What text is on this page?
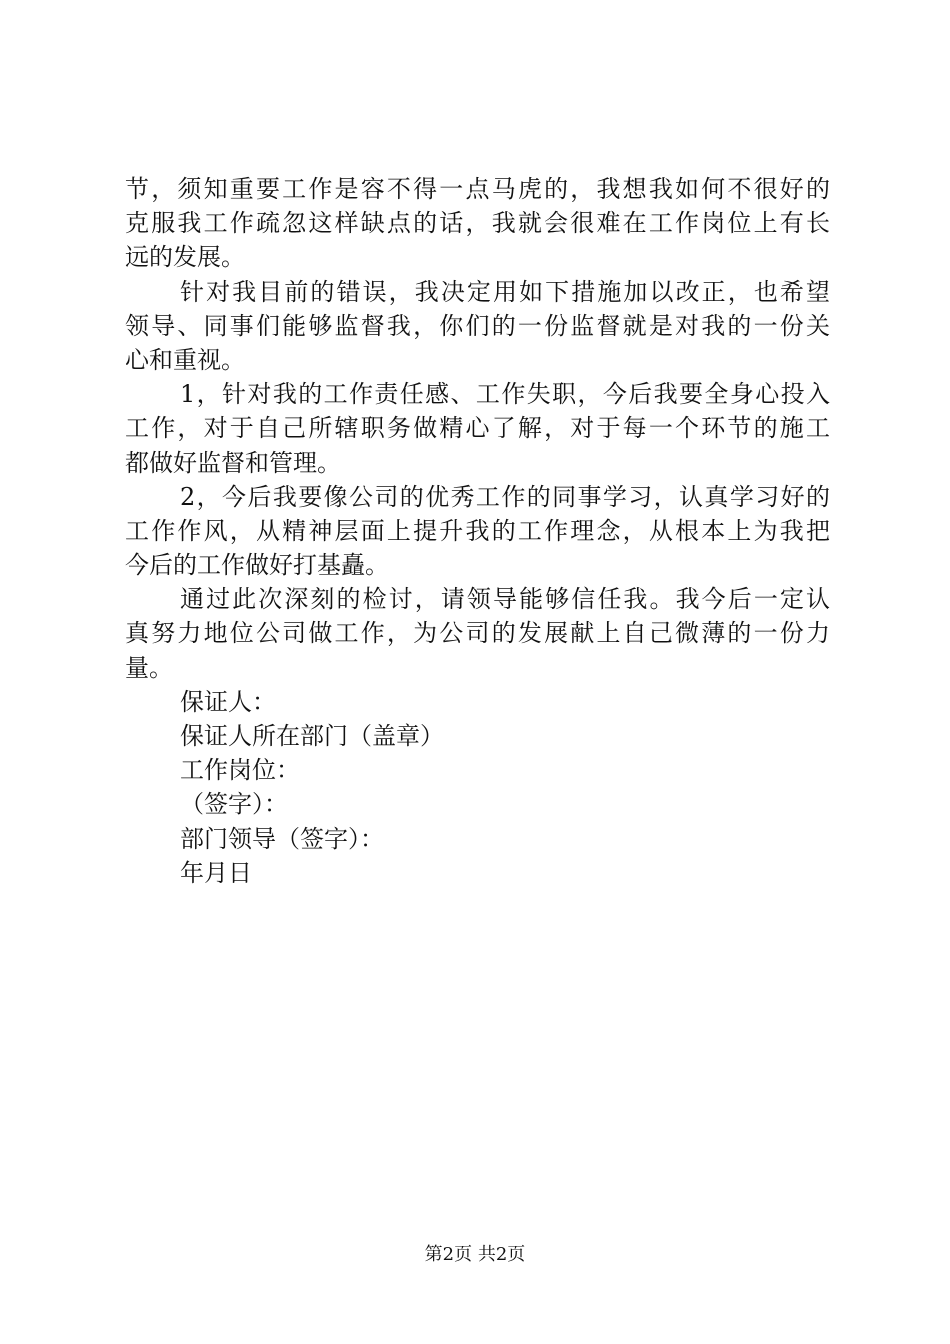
节，须知重要工作是容不得一点马虎的，我想我如何不很好的
克服我工作疏忽这样缺点的话，我就会很难在工作岗位上有长
远的发展。
针对我目前的错误，我决定用如下措施加以改正，也希望
领导、同事们能够监督我，你们的一份监督就是对我的一份关
心和重视。
1，针对我的工作责任感、工作失职，今后我要全身心投入
工作，对于自己所辖职务做精心了解，对于每一个环节的施工
都做好监督和管理。
2，今后我要像公司的优秀工作的同事学习，认真学习好的
工作作风，从精神层面上提升我的工作理念，从根本上为我把
今后的工作做好打基矗。
通过此次深刻的检讨，请领导能够信任我。我今后一定认
真努力地位公司做工作，为公司的发展献上自己微薄的一份力
量。
保证人：
保证人所在部门（盖章）
工作岗位：
（签字）：
部门领导（签字）：
年月日
第2页 共2页
